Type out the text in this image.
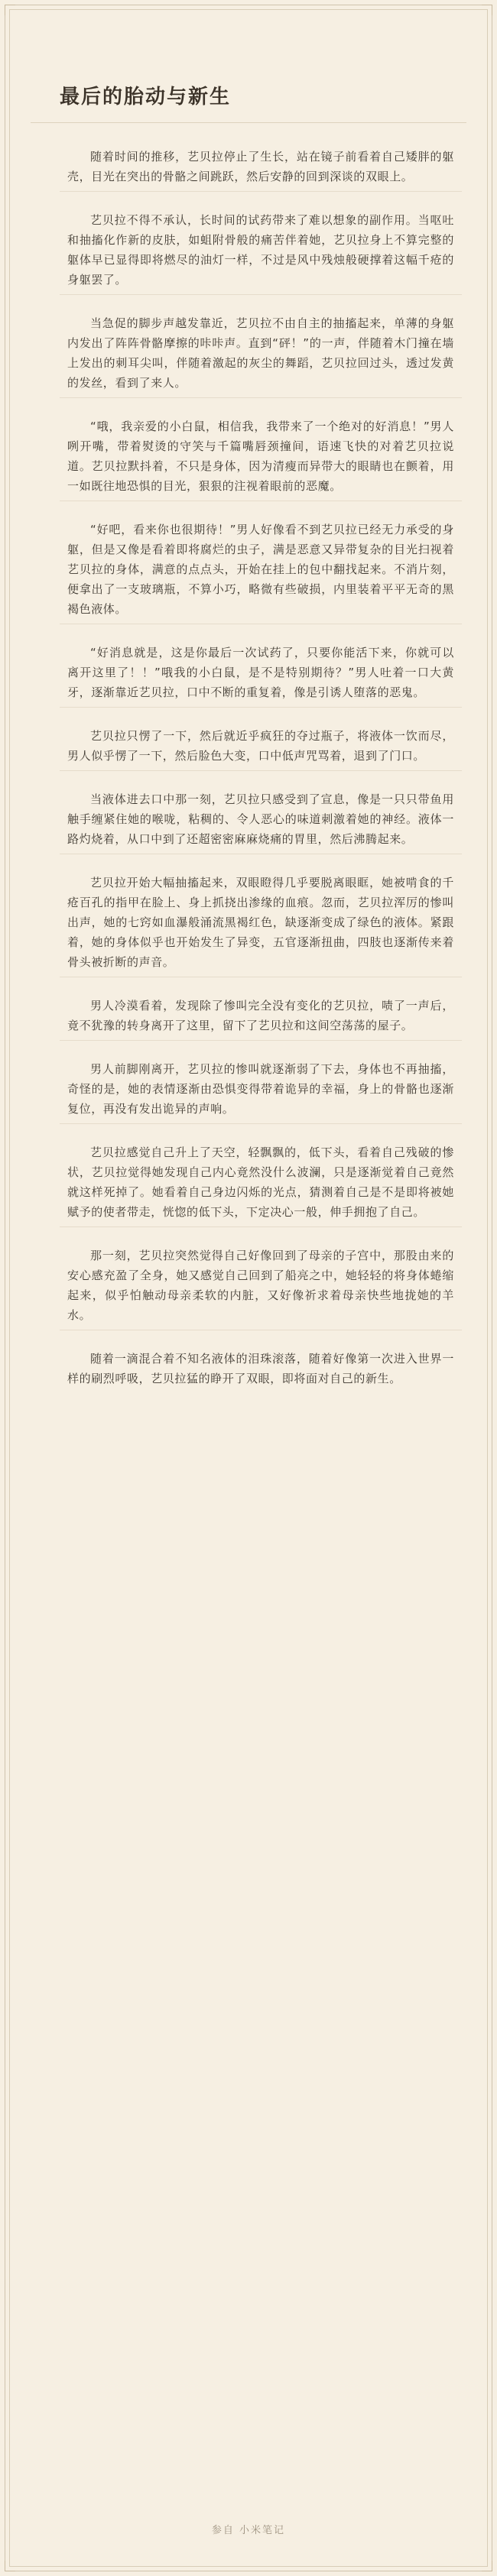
最后的胎动与新生

随着时间的推移，艺贝拉停止了生长，站在镜子前看着自己矮胖的躯壳，目光在突出的骨骼之间跳跃，然后安静的回到深谈的双眼上。

艺贝拉不得不承认，长时间的试药带来了难以想象的副作用。当呕吐和抽搐化作新的皮肤，如蛆附骨般的痛苦伴着她，艺贝拉身上不算完整的躯体早已显得即将燃尽的油灯一样，不过是风中残烛般硬撑着这幅千疮的身躯罢了。

当急促的脚步声越发靠近，艺贝拉不由自主的抽搐起来，单薄的身躯内发出了阵阵骨骼摩擦的咔咔声。直到“砰！”的一声，伴随着木门撞在墙上发出的刺耳尖叫，伴随着激起的灰尘的舞蹈，艺贝拉回过头，透过发黄的发丝，看到了来人。

“哦，我亲爱的小白鼠，相信我，我带来了一个绝对的好消息！”男人咧开嘴，带着熨烫的守笑与千篇嘴唇颈撞间，语速飞快的对着艺贝拉说道。艺贝拉默抖着，不只是身体，因为清瘦而异带大的眼睛也在颤着，用一如既往地恐惧的目光，狠狠的注视着眼前的恶魔。

“好吧，看来你也很期待！”男人好像看不到艺贝拉已经无力承受的身躯，但是又像是看着即将腐烂的虫子，满是恶意又异带复杂的目光扫视着艺贝拉的身体，满意的点点头，开始在挂上的包中翻找起来。不消片刻，便拿出了一支玻璃瓶，不算小巧，略微有些破损，内里装着平平无奇的黑褐色液体。

“好消息就是，这是你最后一次试药了，只要你能活下来，你就可以离开这里了！！”哦我的小白鼠，是不是特别期待？”男人吐着一口大黄牙，逐渐靠近艺贝拉，口中不断的重复着，像是引诱人堕落的恶鬼。

艺贝拉只愣了一下，然后就近乎疯狂的夺过瓶子，将液体一饮而尽，男人似乎愣了一下，然后脸色大变，口中低声咒骂着，退到了门口。

当液体进去口中那一刻，艺贝拉只感受到了宣息，像是一只只带鱼用触手缠紧住她的喉咙，粘稠的、令人恶心的味道刺激着她的神经。液体一路灼烧着，从口中到了还超密密麻麻烧痛的胃里，然后沸腾起来。

艺贝拉开始大幅抽搐起来，双眼瞪得几乎要脱离眼眶，她被啃食的千疮百孔的指甲在脸上、身上抓挠出渗缘的血痕。忽而，艺贝拉浑厉的惨叫出声，她的七窍如血瀑般涌流黑褐红色，缺逐渐变成了绿色的液体。紧跟着，她的身体似乎也开始发生了异变，五官逐渐扭曲，四肢也逐渐传来着骨头被折断的声音。

男人冷漠看着，发现除了惨叫完全没有变化的艺贝拉，啧了一声后，竟不犹豫的转身离开了这里，留下了艺贝拉和这间空荡荡的屋子。

男人前脚刚离开，艺贝拉的惨叫就逐渐弱了下去，身体也不再抽搐，奇怪的是，她的表情逐渐由恐惧变得带着诡异的幸福，身上的骨骼也逐渐复位，再没有发出诡异的声响。

艺贝拉感觉自己升上了天空，轻飘飘的，低下头，看着自己残破的惨状，艺贝拉觉得她发现自己内心竟然没什么波澜，只是逐渐觉着自己竟然就这样死掉了。她看着自己身边闪烁的光点，猜测着自己是不是即将被她赋予的使者带走，恍惚的低下头，下定决心一般，伸手拥抱了自己。

那一刻，艺贝拉突然觉得自己好像回到了母亲的子宫中，那股由来的安心感充盈了全身，她又感觉自己回到了船亮之中，她轻轻的将身体蜷缩起来，似乎怕触动母亲柔软的内脏，又好像祈求着母亲快些地拢她的羊水。

随着一滴混合着不知名液体的泪珠滚落，随着好像第一次进入世界一样的刷烈呼吸，艺贝拉猛的睁开了双眼，即将面对自己的新生。

参自 小米笔记
